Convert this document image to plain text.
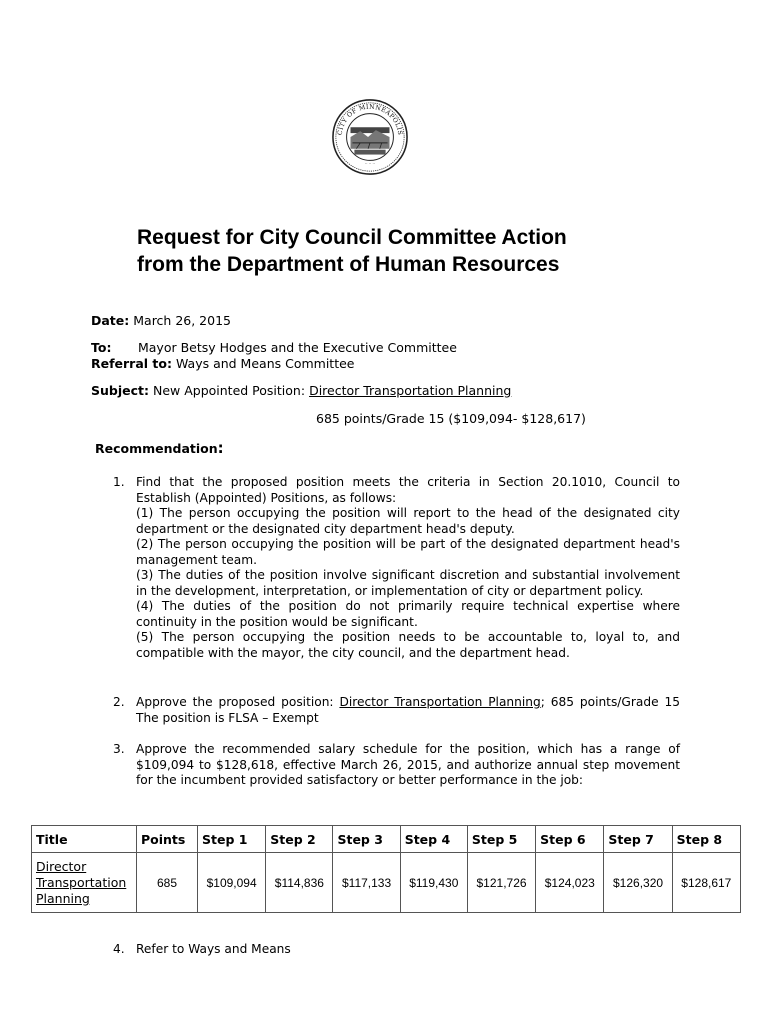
CITY OF MINNEAPOLIS
·· ·· ··
Request for City Council Committee Action
from the Department of Human Resources
Date: March 26, 2015
To: Mayor Betsy Hodges and the Executive Committee
Referral to: Ways and Means Committee
Subject: New Appointed Position: Director Transportation Planning
685 points/Grade 15 ($109,094- $128,617)
Recommendation:
1. Find that the proposed position meets the criteria in Section 20.1010, Council to Establish (Appointed) Positions, as follows:

(1) The person occupying the position will report to the head of the designated city department or the designated city department head's deputy.

(2) The person occupying the position will be part of the designated department head's management team.

(3) The duties of the position involve significant discretion and substantial involvement in the development, interpretation, or implementation of city or department policy.

(4) The duties of the position do not primarily require technical expertise where continuity in the position would be significant.

(5) The person occupying the position needs to be accountable to, loyal to, and compatible with the mayor, the city council, and the department head.

2. Approve the proposed position: Director Transportation Planning; 685 points/Grade 15 The position is FLSA – Exempt

3. Approve the recommended salary schedule for the position, which has a range of $109,094 to $128,618, effective March 26, 2015, and authorize annual step movement for the incumbent provided satisfactory or better performance in the job:

Title	Points	Step 1	Step 2	Step 3	Step 4	Step 5	Step 6	Step 7	Step 8

Director
Transportation
Planning	685	$109,094	$114,836	$117,133	$119,430	$121,726	$124,023	$126,320	$128,617
4. Refer to Ways and Means
